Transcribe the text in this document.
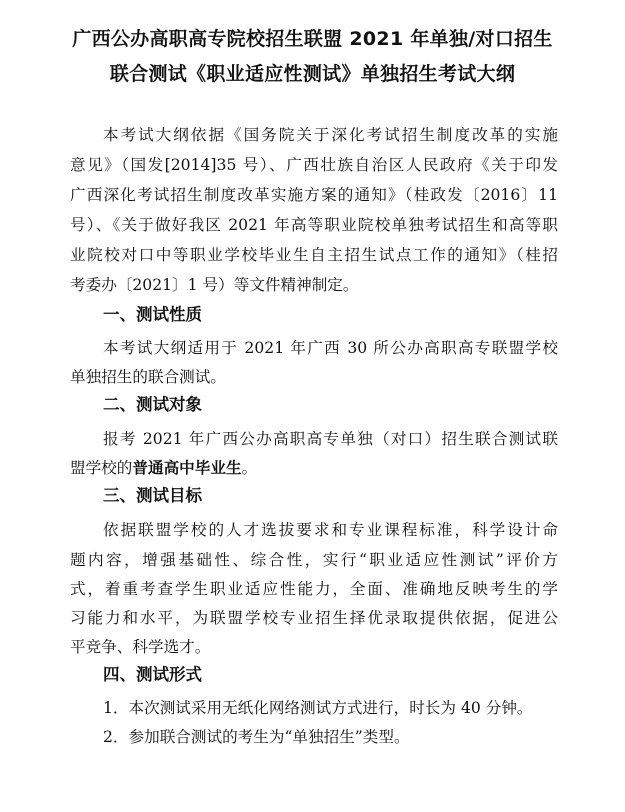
广西公办高职高专院校招生联盟 2021 年单独/对口招生
联合测试《职业适应性测试》单独招生考试大纲
本考试大纲依据《国务院关于深化考试招生制度改革的实施
意见》（国发[2014]35 号）、广西壮族自治区人民政府《关于印发
广西深化考试招生制度改革实施方案的通知》（桂政发〔2016〕11
号）、《关于做好我区 2021 年高等职业院校单独考试招生和高等职
业院校对口中等职业学校毕业生自主招生试点工作的通知》（桂招
考委办〔2021〕1 号）等文件精神制定。
一、测试性质
本考试大纲适用于 2021 年广西 30 所公办高职高专联盟学校
单独招生的联合测试。
二、测试对象
报考 2021 年广西公办高职高专单独（对口）招生联合测试联
盟学校的普通高中毕业生。
三、测试目标
依据联盟学校的人才选拔要求和专业课程标准，科学设计命
题内容，增强基础性、综合性，实行“职业适应性测试”评价方
式，着重考查学生职业适应性能力，全面、准确地反映考生的学
习能力和水平，为联盟学校专业招生择优录取提供依据，促进公
平竞争、科学选才。
四、测试形式
1．本次测试采用无纸化网络测试方式进行，时长为 40 分钟。
2．参加联合测试的考生为“单独招生”类型。
